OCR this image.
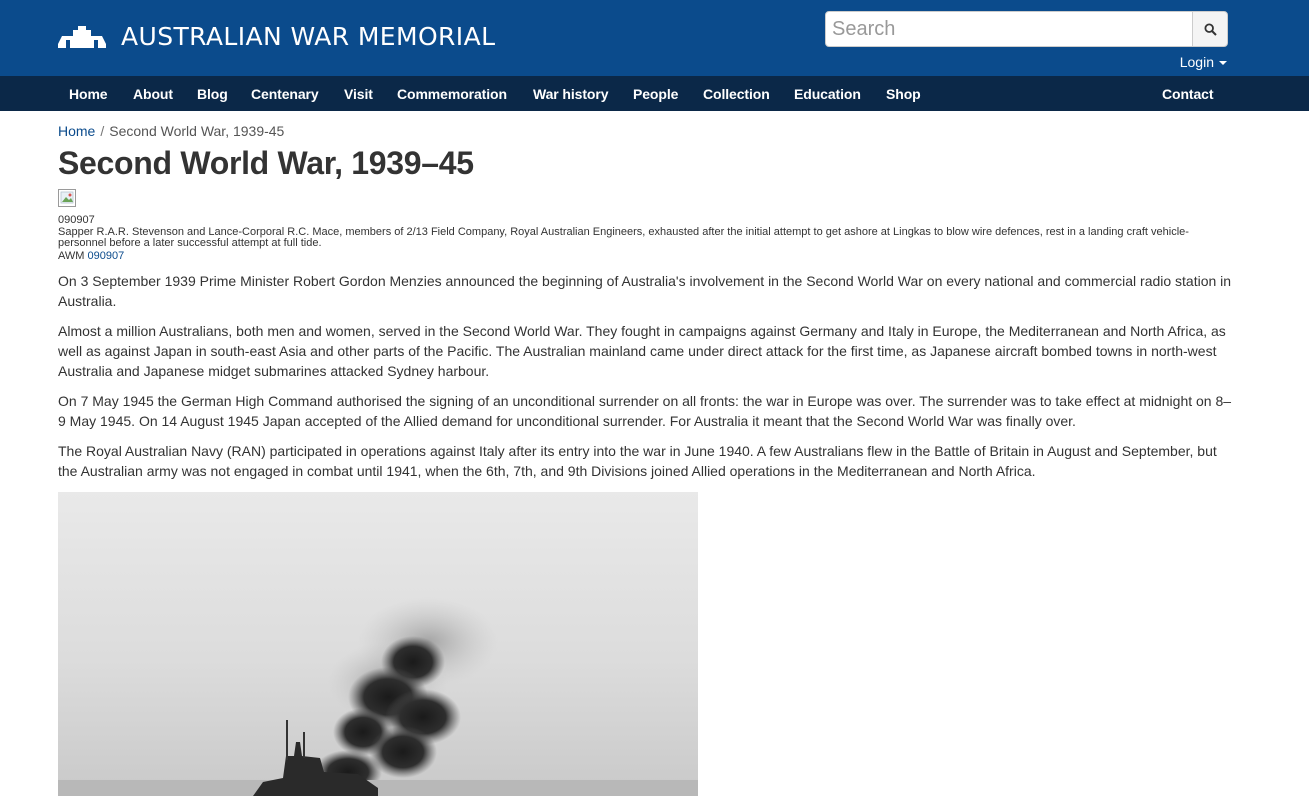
AUSTRALIAN WAR MEMORIAL
Search
Login
Home About Blog Centenary Visit Commemoration War history People Collection Education Shop	Contact
Home / Second World War, 1939-45
Second World War, 1939–45
090907
Sapper R.A.R. Stevenson and Lance-Corporal R.C. Mace, members of 2/13 Field Company, Royal Australian Engineers, exhausted after the initial attempt to get ashore at Lingkas to blow wire defences, rest in a landing craft vehicle-personnel before a later successful attempt at full tide.
AWM 090907

On 3 September 1939 Prime Minister Robert Gordon Menzies announced the beginning of Australia's involvement in the Second World War on every national and commercial radio station in Australia.

Almost a million Australians, both men and women, served in the Second World War. They fought in campaigns against Germany and Italy in Europe, the Mediterranean and North Africa, as well as against Japan in south-east Asia and other parts of the Pacific. The Australian mainland came under direct attack for the first time, as Japanese aircraft bombed towns in north-west Australia and Japanese midget submarines attacked Sydney harbour.

On 7 May 1945 the German High Command authorised the signing of an unconditional surrender on all fronts: the war in Europe was over. The surrender was to take effect at midnight on 8–9 May 1945. On 14 August 1945 Japan accepted of the Allied demand for unconditional surrender. For Australia it meant that the Second World War was finally over.

The Royal Australian Navy (RAN) participated in operations against Italy after its entry into the war in June 1940. A few Australians flew in the Battle of Britain in August and September, but the Australian army was not engaged in combat until 1941, when the 6th, 7th, and 9th Divisions joined Allied operations in the Mediterranean and North Africa.
